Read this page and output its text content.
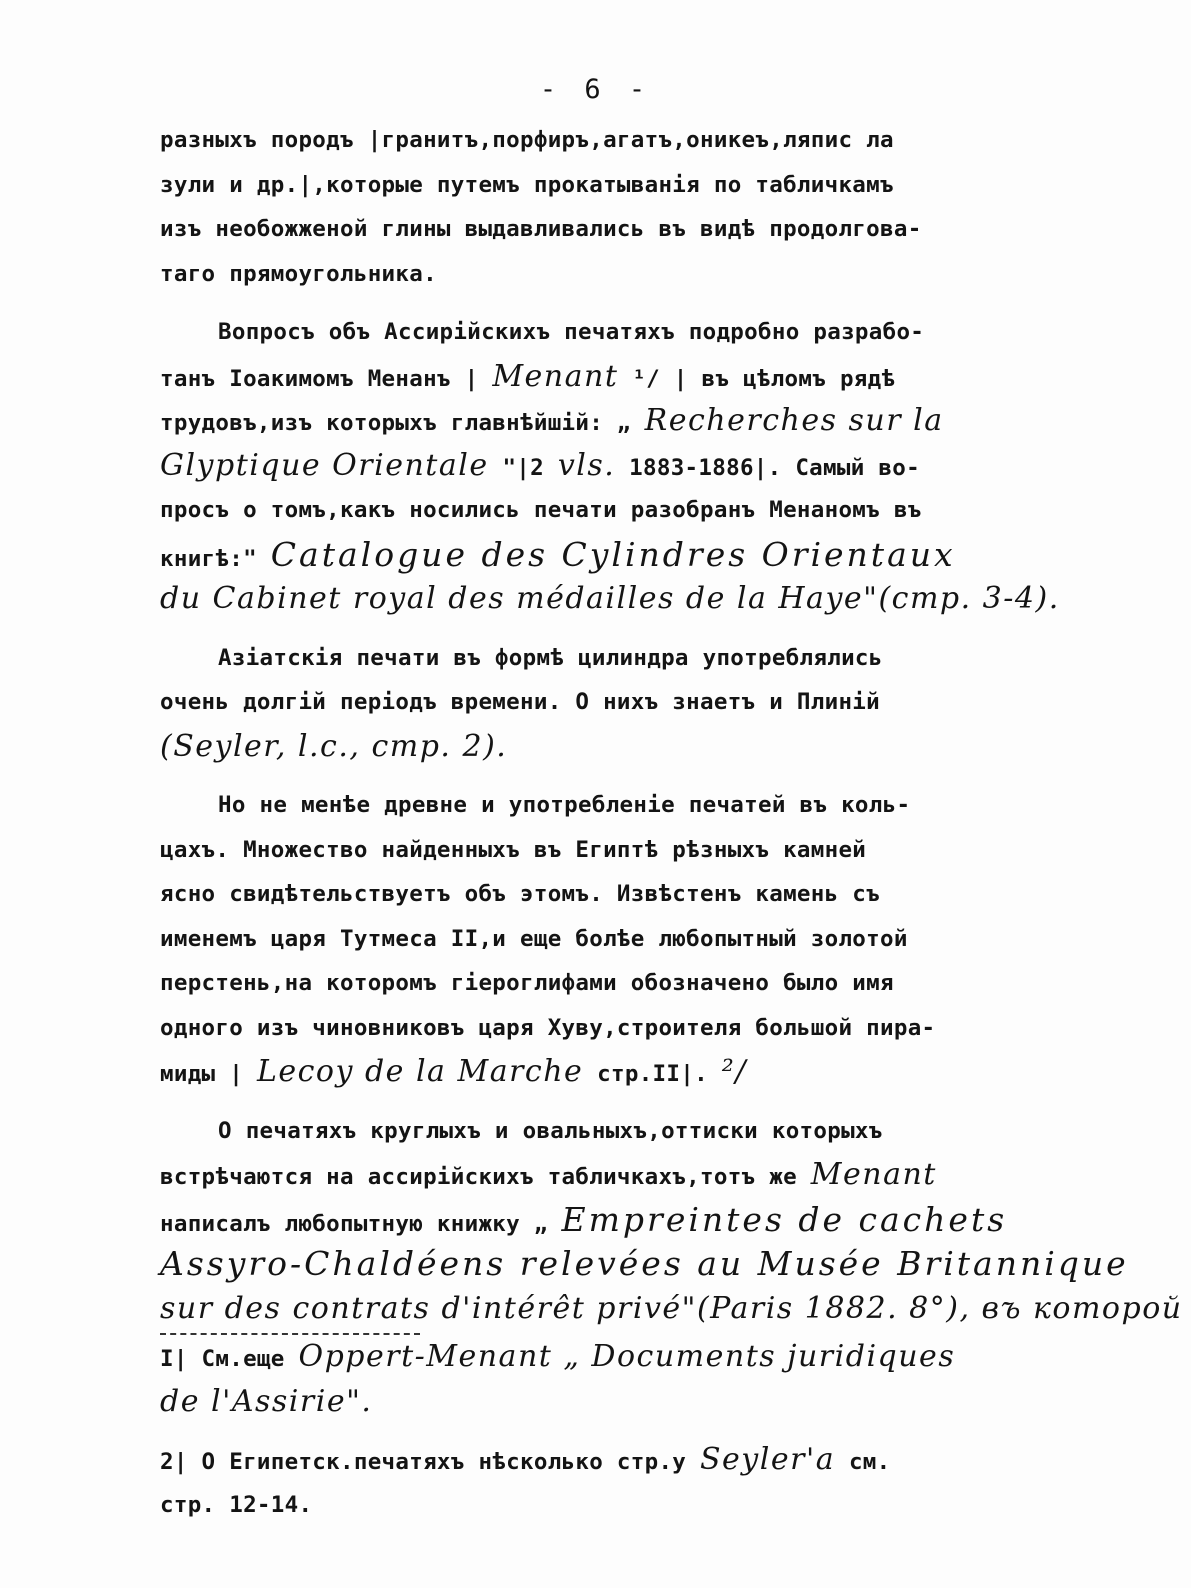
- 6 -
разныхъ породъ |гранитъ,порфиръ,агатъ,оникеъ,ляпис ла
зули и др.|,которые путемъ прокатыванія по табличкамъ
изъ необожженой глины выдавливались въ видѣ продолговa-
таго прямоугольника.
Вопросъ объ Ассирійскихъ печатяхъ подробно разрабо-
танъ Іоакимомъ Менанъ | Menant ¹/ | въ цѣломъ рядѣ
трудовъ,изъ которыхъ главнѣйшій: „ Recherches sur la
Glyptique Orientale "|2 vls. 1883-1886|. Самый во-
просъ о томъ,какъ носились печати разобранъ Менаномъ въ
книгѣ:" Catalogue des Cylindres Orientaux
du Cabinet royal des médailles de la Haye"(стр. 3-4).
Азіатскія печати въ формѣ цилиндра употреблялись
очень долгій періодъ времени. О нихъ знаетъ и Плиній
(Seyler, l.c., стр. 2).
Но не менѣе древне и употребленіе печатей въ коль-
цахъ. Множество найденныхъ въ Египтѣ рѣзныхъ камней
ясно свидѣтельствуетъ объ этомъ. Извѣстенъ камень съ
именемъ царя Тутмеса II,и еще болѣе любопытный золотой
перстень,на которомъ гіероглифами обозначено было имя
одного изъ чиновниковъ царя Хуву,строителя большой пира-
миды | Lecoy de la Marche стр.II|. ²/
О печатяхъ круглыхъ и овальныхъ,оттиски которыхъ
встрѣчаются на ассирійскихъ табличкахъ,тотъ же Menant
написалъ любопытную книжку „ Empreintes de cachets
Assyro-Chaldéens relevées au Musée Britannique
sur des contrats d'intérêt privé"(Paris 1882. 8°), въ которой
I| См.еще Oppert-Menant „ Documents juridiques
de l'Assirie".
2| О Египетск.печатяхъ нѣсколько стр.у Seyler'a см.
стр. 12-14.
